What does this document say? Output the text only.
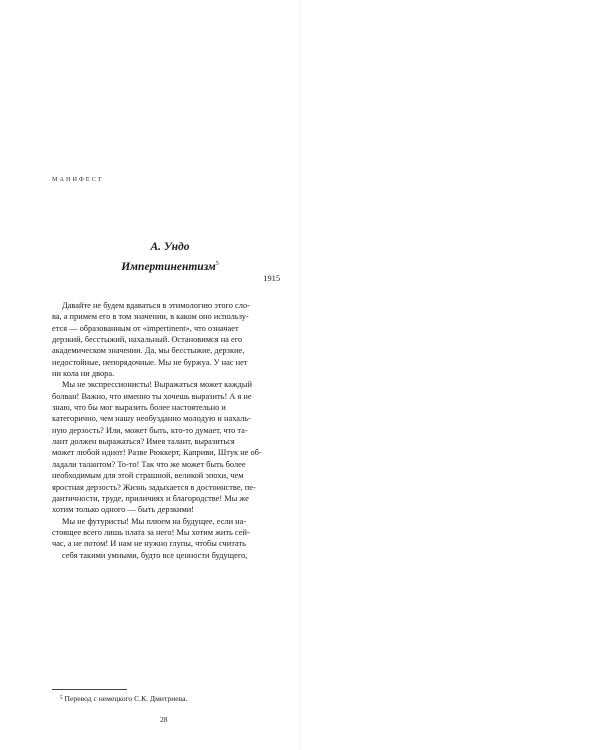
МАНИФЕСТ
А. Ундо
Импертинентизм$^5$
1915
Давайте не будем вдаваться в этимологию этого сло-
ва, а примем его в том значении, в каком оно использу-
ется — образованным от «impertinent», что означает
дерзкий, бесстыжий, нахальный. Остановимся на его
академическом значении. Да, мы бесстыжие, дерзкие,
недостойные, непорядочные. Мы не буржуа. У нас нет
ни кола ни двора.
Мы не экспрессионисты! Выражаться может каждый
болван! Важно, что именно ты хочешь выразить! А я не
знаю, что бы мог выразить более настоятельно и
категорично, чем нашу необузданно молодую и нахаль-
ную дерзость? Или, может быть, кто-то думает, что та-
лант должен выражаться? Имея талант, выразиться
может любой идиот! Разве Рюккерт, Каприви, Штук не об-
ладали талантом? То-то! Так что же может быть более
необходимым для этой страшной, великой эпохи, чем
яростная дерзость? Жизнь задыхается в достоинстве, пе-
дантичности, труде, приличиях и благородстве! Мы же
хотим только одного — быть дерзкими!
Мы не футуристы! Мы плюем на будущее, если на-
стоящее всего лишь плата за него! Мы хотим жить сей-
час, а не потом! И нам не нужно глупы, чтобы считать
себя такими умными, будто все ценности будущего,
⁵ Перевод с немецкого С.К. Дмитриева.
28
